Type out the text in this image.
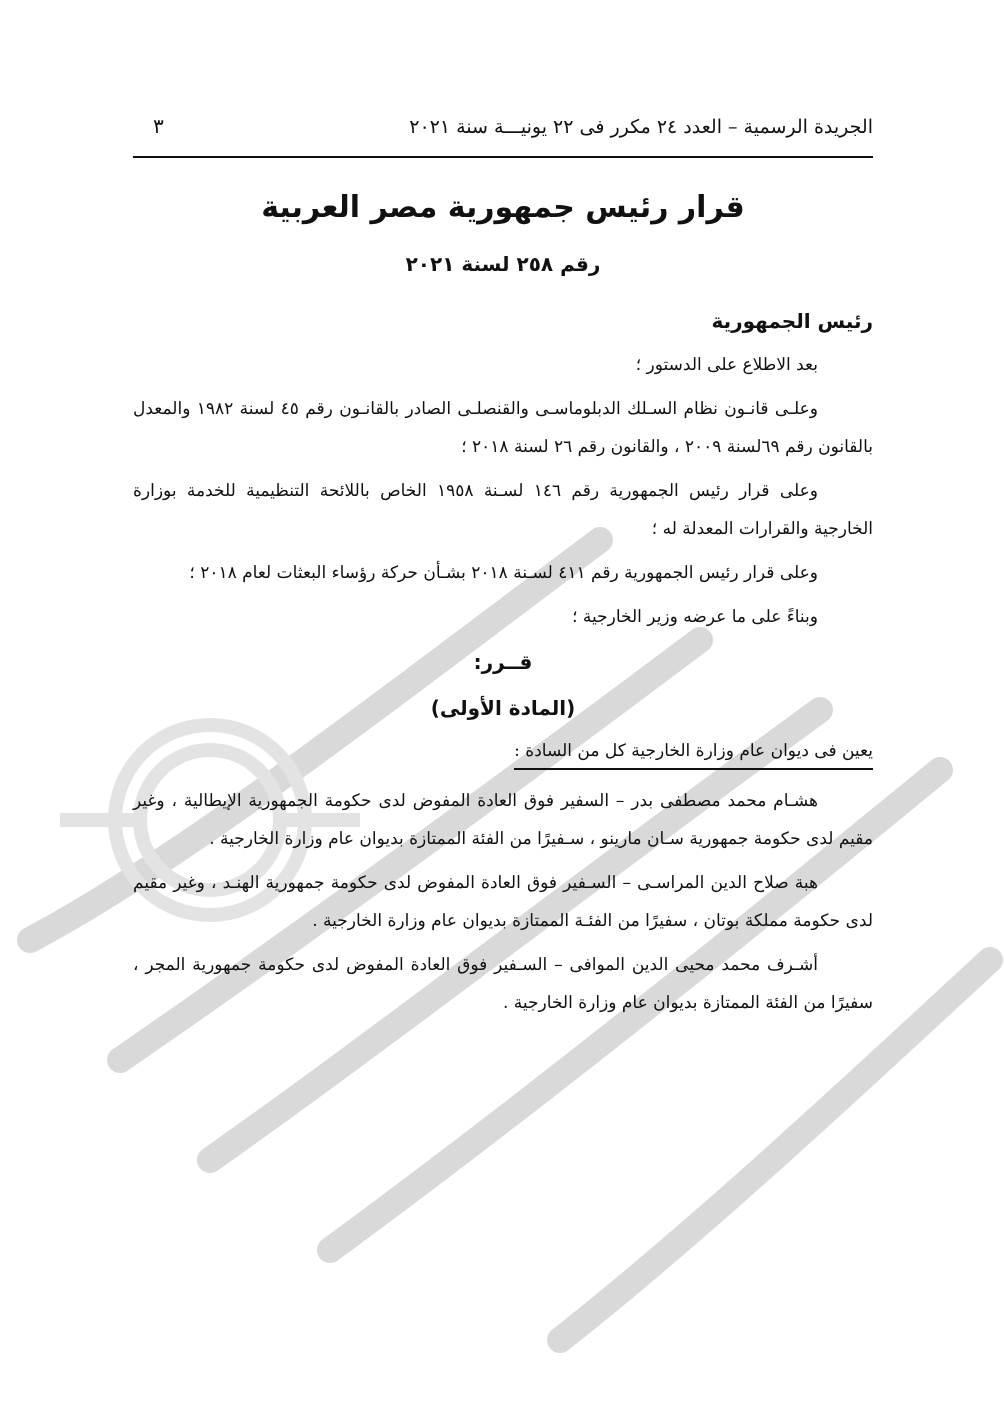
الجريدة الرسمية – العدد ٢٤ مكرر فى ٢٢ يونيـــة سنة ٢٠٢١
٣
قرار رئيس جمهورية مصر العربية
رقم ٢٥٨ لسنة ٢٠٢١
رئيس الجمهورية

بعد الاطلاع على الدستور ؛

وعلـى قانـون نظام السـلك الدبلوماسـى والقنصلـى الصادر بالقانـون رقم ٤٥ لسنة ١٩٨٢ والمعدل بالقانون رقم ٦٩لسنة ٢٠٠٩ ، والقانون رقم ٢٦ لسنة ٢٠١٨ ؛

وعلى قرار رئيس الجمهورية رقم ١٤٦ لسـنة ١٩٥٨ الخاص باللائحة التنظيمية للخدمة بوزارة الخارجية والقرارات المعدلة له ؛

وعلى قرار رئيس الجمهورية رقم ٤١١ لسـنة ٢٠١٨ بشـأن حركة رؤساء البعثات لعام ٢٠١٨ ؛

وبناءً على ما عرضه وزير الخارجية ؛

قــرر:
(المادة الأولى)
يعين فى ديوان عام وزارة الخارجية كل من السادة :

هشـام محمد مصطفى بدر – السفير فوق العادة المفوض لدى حكومة الجمهورية الإيطالية ، وغير مقيم لدى حكومة جمهورية سـان مارينو ، سـفيرًا من الفئة الممتازة بديوان عام وزارة الخارجية .

هبة صلاح الدين المراسـى – السـفير فوق العادة المفوض لدى حكومة جمهورية الهنـد ، وغير مقيم لدى حكومة مملكة بوتان ، سفيرًا من الفئـة الممتازة بديوان عام وزارة الخارجية .

أشـرف محمد محيى الدين الموافى – السـفير فوق العادة المفوض لدى حكومة جمهورية المجر ، سفيرًا من الفئة الممتازة بديوان عام وزارة الخارجية .
